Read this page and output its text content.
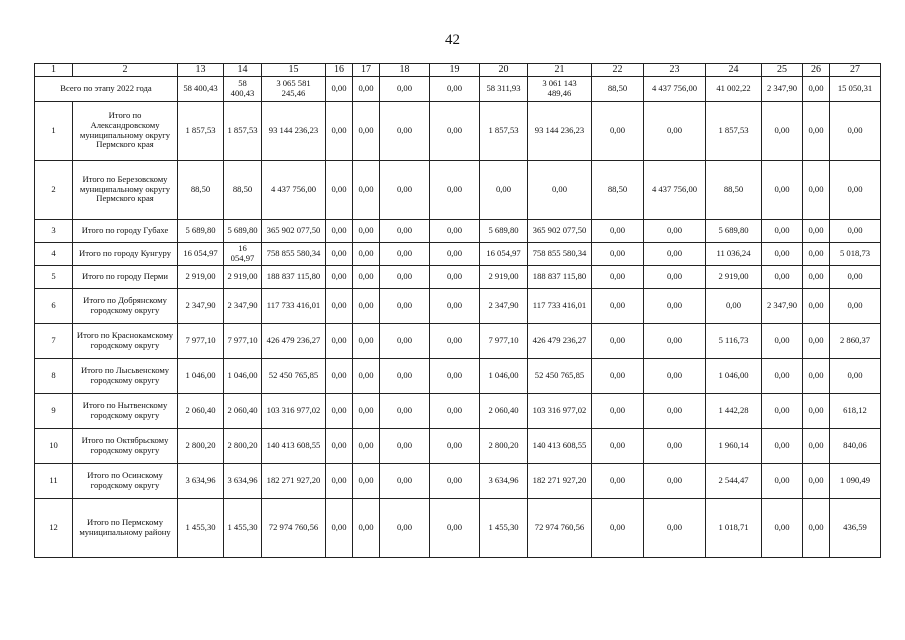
42
1	2	13	14	15	16	17	18	19	20	21	22	23	24	25	26	27
Всего по этапу 2022 года		58 400,43	58 400,43	3 065 581 245,46	0,00	0,00	0,00	0,00	58 311,93	3 061 143 489,46	88,50	4 437 756,00	41 002,22	2 347,90	0,00	15 050,31
1	Итого по Александровскому муниципальному округу Пермского края	1 857,53	1 857,53	93 144 236,23	0,00	0,00	0,00	0,00	1 857,53	93 144 236,23	0,00	0,00	1 857,53	0,00	0,00	0,00
2	Итого по Березовскому муниципальному округу Пермского края	88,50	88,50	4 437 756,00	0,00	0,00	0,00	0,00	0,00	0,00	88,50	4 437 756,00	88,50	0,00	0,00	0,00
3	Итого по городу Губахе	5 689,80	5 689,80	365 902 077,50	0,00	0,00	0,00	0,00	5 689,80	365 902 077,50	0,00	0,00	5 689,80	0,00	0,00	0,00
4	Итого по городу Кунгуру	16 054,97	16 054,97	758 855 580,34	0,00	0,00	0,00	0,00	16 054,97	758 855 580,34	0,00	0,00	11 036,24	0,00	0,00	5 018,73
5	Итого по городу Перми	2 919,00	2 919,00	188 837 115,80	0,00	0,00	0,00	0,00	2 919,00	188 837 115,80	0,00	0,00	2 919,00	0,00	0,00	0,00
6	Итого по Добрянскому городскому округу	2 347,90	2 347,90	117 733 416,01	0,00	0,00	0,00	0,00	2 347,90	117 733 416,01	0,00	0,00	0,00	2 347,90	0,00	0,00
7	Итого по Краснокамскому городскому округу	7 977,10	7 977,10	426 479 236,27	0,00	0,00	0,00	0,00	7 977,10	426 479 236,27	0,00	0,00	5 116,73	0,00	0,00	2 860,37
8	Итого по Лысьвенскому городскому округу	1 046,00	1 046,00	52 450 765,85	0,00	0,00	0,00	0,00	1 046,00	52 450 765,85	0,00	0,00	1 046,00	0,00	0,00	0,00
9	Итого по Нытвенскому городскому округу	2 060,40	2 060,40	103 316 977,02	0,00	0,00	0,00	0,00	2 060,40	103 316 977,02	0,00	0,00	1 442,28	0,00	0,00	618,12
10	Итого по Октябрьскому городскому округу	2 800,20	2 800,20	140 413 608,55	0,00	0,00	0,00	0,00	2 800,20	140 413 608,55	0,00	0,00	1 960,14	0,00	0,00	840,06
11	Итого по Осинскому городскому округу	3 634,96	3 634,96	182 271 927,20	0,00	0,00	0,00	0,00	3 634,96	182 271 927,20	0,00	0,00	2 544,47	0,00	0,00	1 090,49
12	Итого по Пермскому муниципальному району	1 455,30	1 455,30	72 974 760,56	0,00	0,00	0,00	0,00	1 455,30	72 974 760,56	0,00	0,00	1 018,71	0,00	0,00	436,59
